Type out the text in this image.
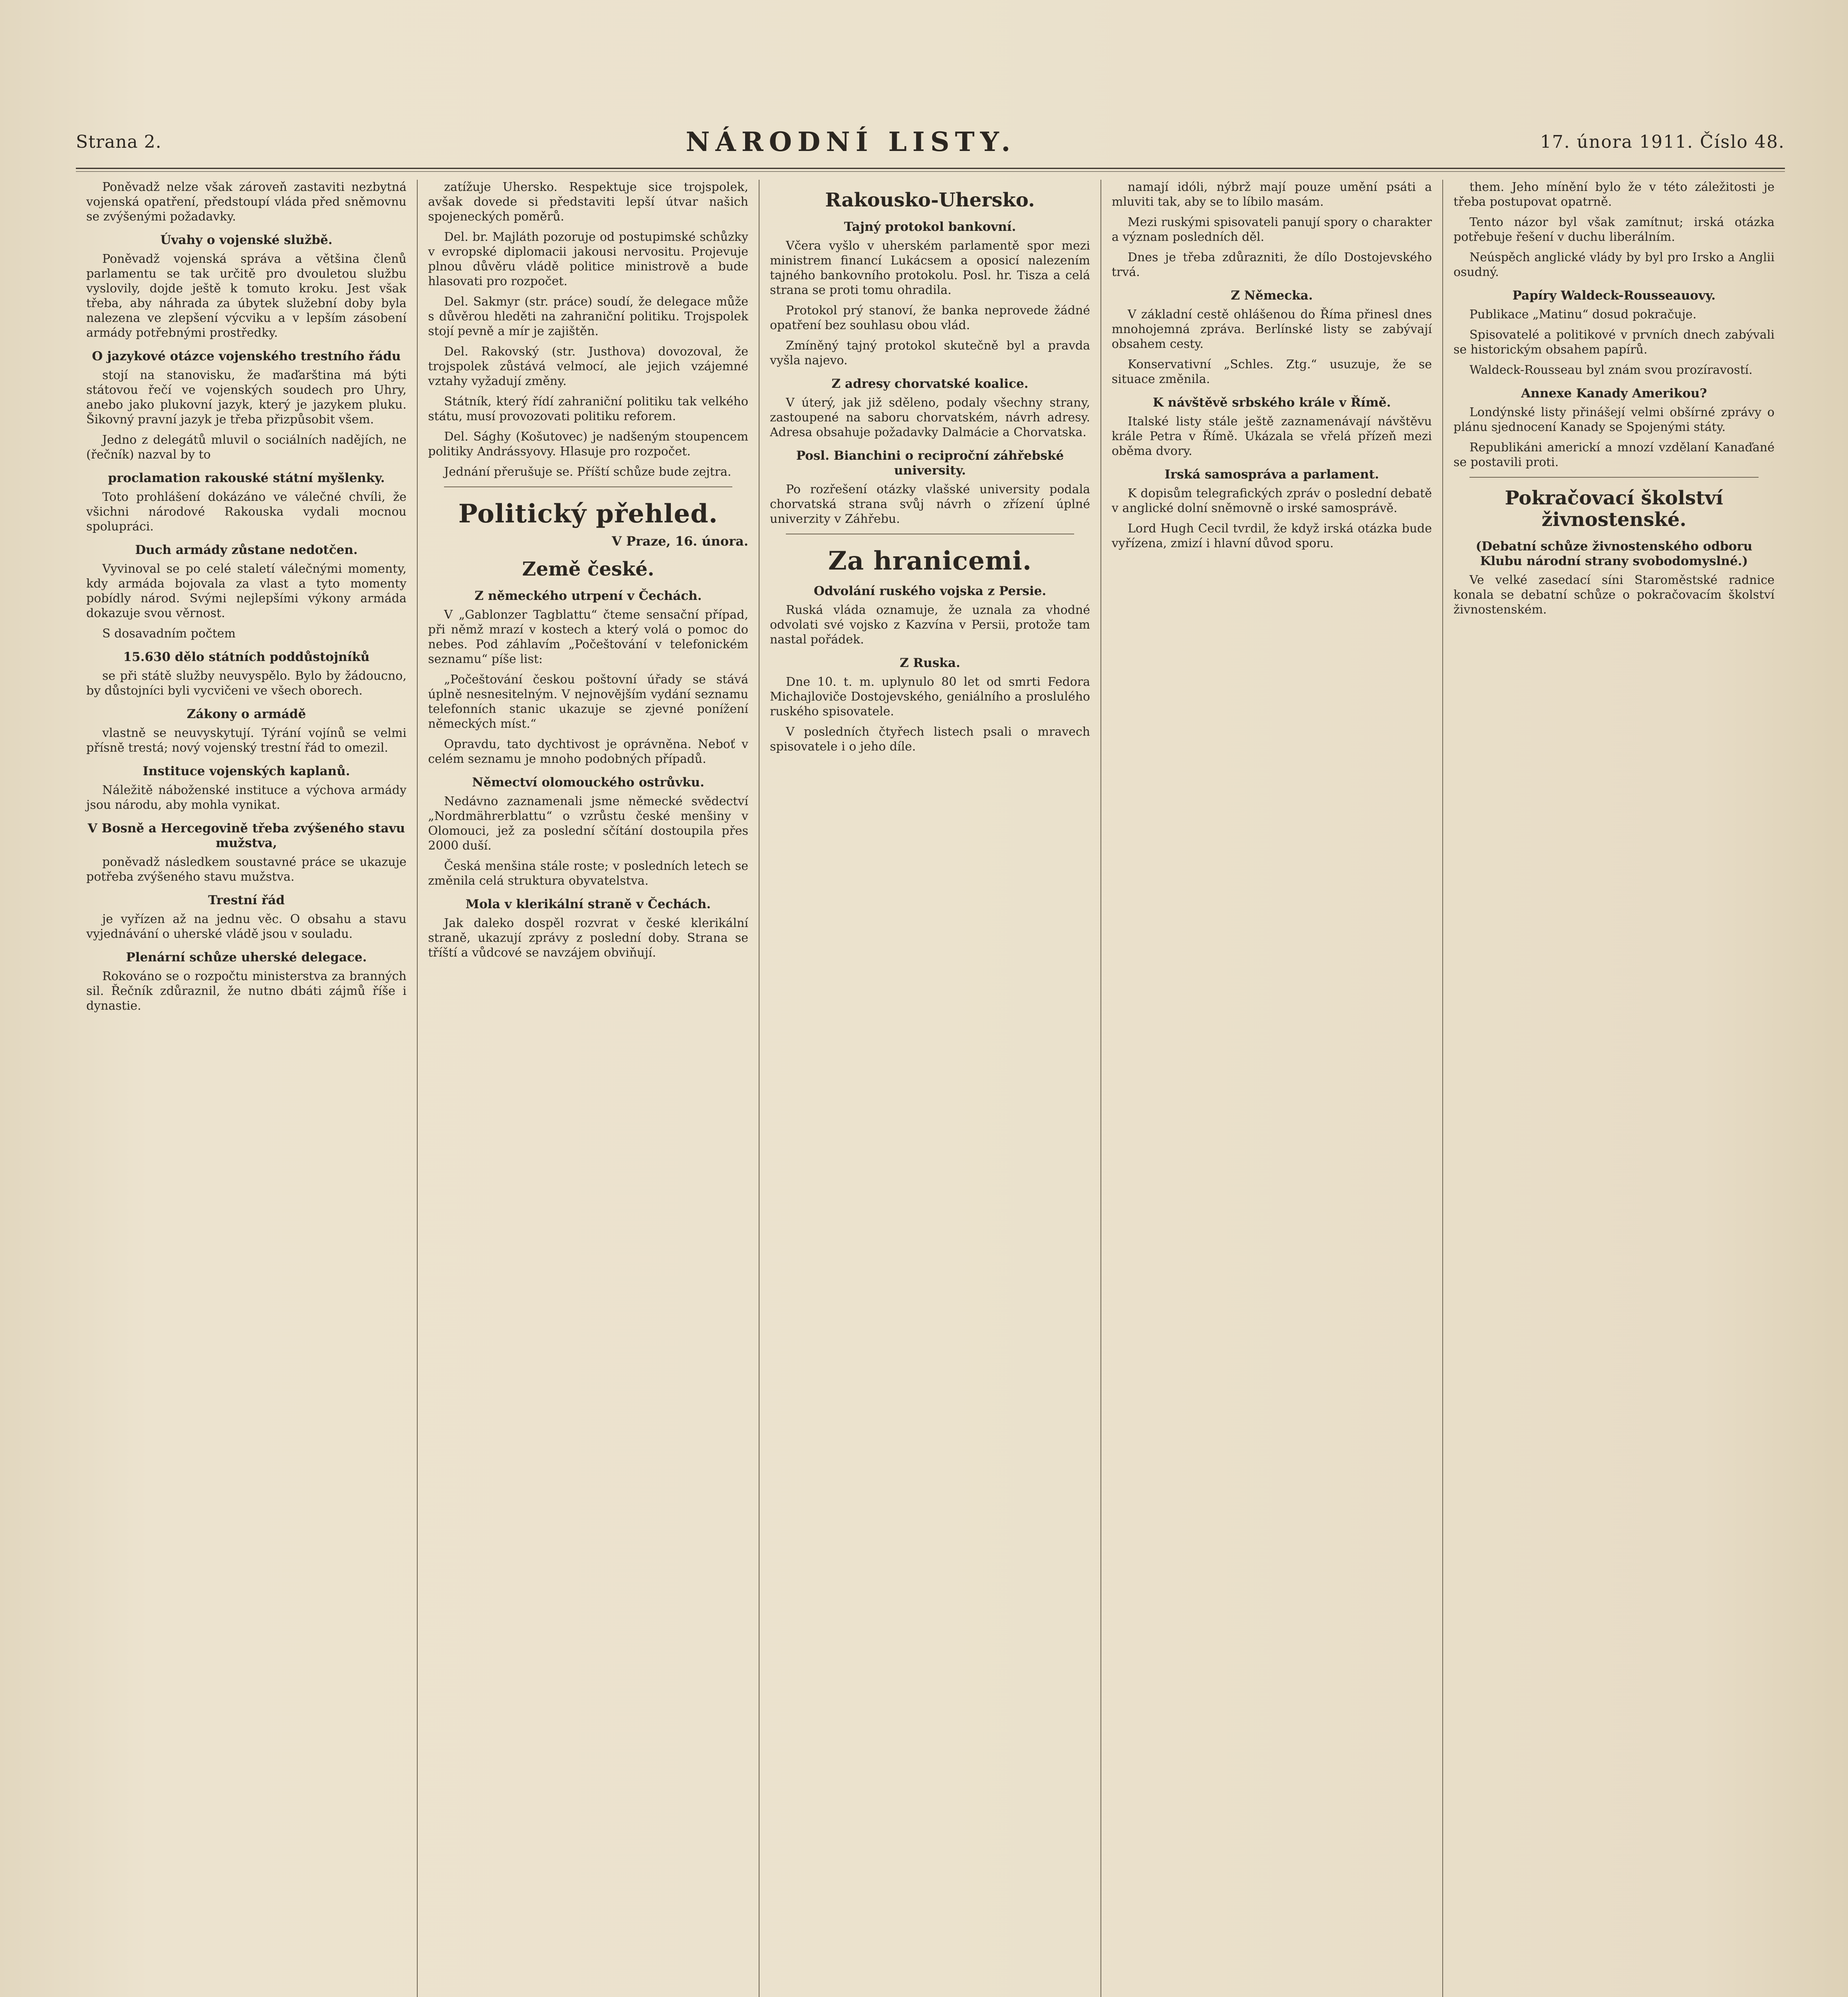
Strana 2.	NÁRODNÍ LISTY.	17. února 1911. Číslo 48.

Poněvadž nelze však zároveň zastaviti nezbytná vojenská opatření, předstoupí vláda před sněmovnu se zvýšenými požadavky.

Úvahy o vojenské službě.

Poněvadž vojenská správa a většina členů parlamentu se tak určitě pro dvouletou službu vyslovily, dojde ještě k tomuto kroku. Jest však třeba, aby náhrada za úbytek služební doby byla nalezena ve zlepšení výcviku a v lepším zásobení armády potřebnými prostředky.

O jazykové otázce vojenského trestního řádu

stojí na stanovisku, že maďarština má býti státovou řečí ve vojenských soudech pro Uhry, anebo jako plukovní jazyk, který je jazykem pluku. Šikovný pravní jazyk je třeba přizpůsobit všem.

Jedno z delegátů mluvil o sociálních nadějích, ne (řečník) nazval by to

proclamation rakouské státní myšlenky.

Toto prohlášení dokázáno ve válečné chvíli, že všichni národové Rakouska vydali mocnou spolupráci.

Duch armády zůstane nedotčen.

Vyvinoval se po celé staletí válečnými momenty, kdy armáda bojovala za vlast a tyto momenty pobídly národ. Svými nejlepšími výkony armáda dokazuje svou věrnost.

S dosavadním počtem

15.630 dělo státních poddůstojníků

se při státě služby neuvyspělo. Bylo by žádoucno, by důstojníci byli vycvičeni ve všech oborech.

Zákony o armádě

vlastně se neuvyskytují. Týrání vojínů se velmi přísně trestá; nový vojenský trestní řád to omezil.

Instituce vojenských kaplanů.

Náležitě náboženské instituce a výchova armády jsou národu, aby mohla vynikat.

V Bosně a Hercegovině třeba zvýšeného stavu mužstva,

poněvadž následkem soustavné práce se ukazuje potřeba zvýšeného stavu mužstva.

Trestní řád

je vyřízen až na jednu věc. O obsahu a stavu vyjednávání o uherské vládě jsou v souladu.

Plenární schůze uherské delegace.

Rokováno se o rozpočtu ministerstva za branných sil. Řečník zdůraznil, že nutno dbáti zájmů říše i dynastie.

zatížuje Uhersko. Respektuje sice trojspolek, avšak dovede si představiti lepší útvar našich spojeneckých poměrů.

Del. br. Majláth pozoruje od postupimské schůzky v evropské diplomacii jakousi nervositu. Projevuje plnou důvěru vládě politice ministrově a bude hlasovati pro rozpočet.

Del. Sakmyr (str. práce) soudí, že delegace může s důvěrou hleděti na zahraniční politiku. Trojspolek stojí pevně a mír je zajištěn.

Del. Rakovský (str. Justhova) dovozoval, že trojspolek zůstává velmocí, ale jejich vzájemné vztahy vyžadují změny.

Státník, který řídí zahraniční politiku tak velkého státu, musí provozovati politiku reforem.

Del. Sághy (Košutovec) je nadšeným stoupencem politiky Andrássyovy. Hlasuje pro rozpočet.

Jednání přerušuje se. Příští schůze bude zejtra.

Politický přehled.
V Praze, 16. února.
Země české.

Z německého utrpení v Čechách.

V „Gablonzer Tagblattu“ čteme sensační případ, při němž mrazí v kostech a který volá o pomoc do nebes. Pod záhlavím „Počeštování v telefonickém seznamu“ píše list:

„Počeštování českou poštovní úřady se stává úplně nesnesitelným. V nejnovějším vydání seznamu telefonních stanic ukazuje se zjevné ponížení německých míst.“

Opravdu, tato dychtivost je oprávněna. Neboť v celém seznamu je mnoho podobných případů.

Němectví olomouckého ostrůvku.

Nedávno zaznamenali jsme německé svědectví „Nordmährerblattu“ o vzrůstu české menšiny v Olomouci, jež za poslední sčítání dostoupila přes 2000 duší.

Česká menšina stále roste; v posledních letech se změnila celá struktura obyvatelstva.

Mola v klerikální straně v Čechách.

Jak daleko dospěl rozvrat v české klerikální straně, ukazují zprávy z poslední doby. Strana se tříští a vůdcové se navzájem obviňují.

Rakousko-Uhersko.

Tajný protokol bankovní.

Včera vyšlo v uherském parlamentě spor mezi ministrem financí Lukácsem a oposicí nalezením tajného bankovního protokolu. Posl. hr. Tisza a celá strana se proti tomu ohradila.

Protokol prý stanoví, že banka neprovede žádné opatření bez souhlasu obou vlád.

Zmíněný tajný protokol skutečně byl a pravda vyšla najevo.

Z adresy chorvatské koalice.

V úterý, jak již sděleno, podaly všechny strany, zastoupené na saboru chorvatském, návrh adresy. Adresa obsahuje požadavky Dalmácie a Chorvatska.

Posl. Bianchini o reciproční záhřebské university.

Po rozřešení otázky vlašské university podala chorvatská strana svůj návrh o zřízení úplné univerzity v Záhřebu.

Za hranicemi.

Odvolání ruského vojska z Persie.

Ruská vláda oznamuje, že uznala za vhodné odvolati své vojsko z Kazvína v Persii, protože tam nastal pořádek.

Z Ruska.

Dne 10. t. m. uplynulo 80 let od smrti Fedora Michajloviče Dostojevského, geniálního a proslulého ruského spisovatele.

V posledních čtyřech listech psali o mravech spisovatele i o jeho díle.

namají idóli, nýbrž mají pouze umění psáti a mluviti tak, aby se to líbilo masám.

Mezi ruskými spisovateli panují spory o charakter a význam posledních děl.

Dnes je třeba zdůrazniti, že dílo Dostojevského trvá.

Z Německa.

V základní cestě ohlášenou do Říma přinesl dnes mnohojemná zpráva. Berlínské listy se zabývají obsahem cesty.

Konservativní „Schles. Ztg.“ usuzuje, že se situace změnila.

K návštěvě srbského krále v Římě.

Italské listy stále ještě zaznamenávají návštěvu krále Petra v Římě. Ukázala se vřelá přízeň mezi oběma dvory.

Irská samospráva a parlament.

K dopisům telegrafických zpráv o poslední debatě v anglické dolní sněmovně o irské samosprávě.

Lord Hugh Cecil tvrdil, že když irská otázka bude vyřízena, zmizí i hlavní důvod sporu.

them. Jeho mínění bylo že v této záležitosti je třeba postupovat opatrně.

Tento názor byl však zamítnut; irská otázka potřebuje řešení v duchu liberálním.

Neúspěch anglické vlády by byl pro Irsko a Anglii osudný.

Papíry Waldeck-Rousseauovy.

Publikace „Matinu“ dosud pokračuje.

Spisovatelé a politikové v prvních dnech zabývali se historickým obsahem papírů.

Waldeck-Rousseau byl znám svou prozíravostí.

Annexe Kanady Amerikou?

Londýnské listy přinášejí velmi obšírné zprávy o plánu sjednocení Kanady se Spojenými státy.

Republikáni americkí a mnozí vzdělaní Kanaďané se postavili proti.

Pokračovací školství živnostenské.

(Debatní schůze živnostenského odboru Klubu národní strany svobodomyslné.)

Ve velké zasedací síni Staroměstské radnice konala se debatní schůze o pokračovacím školství živnostenském.
